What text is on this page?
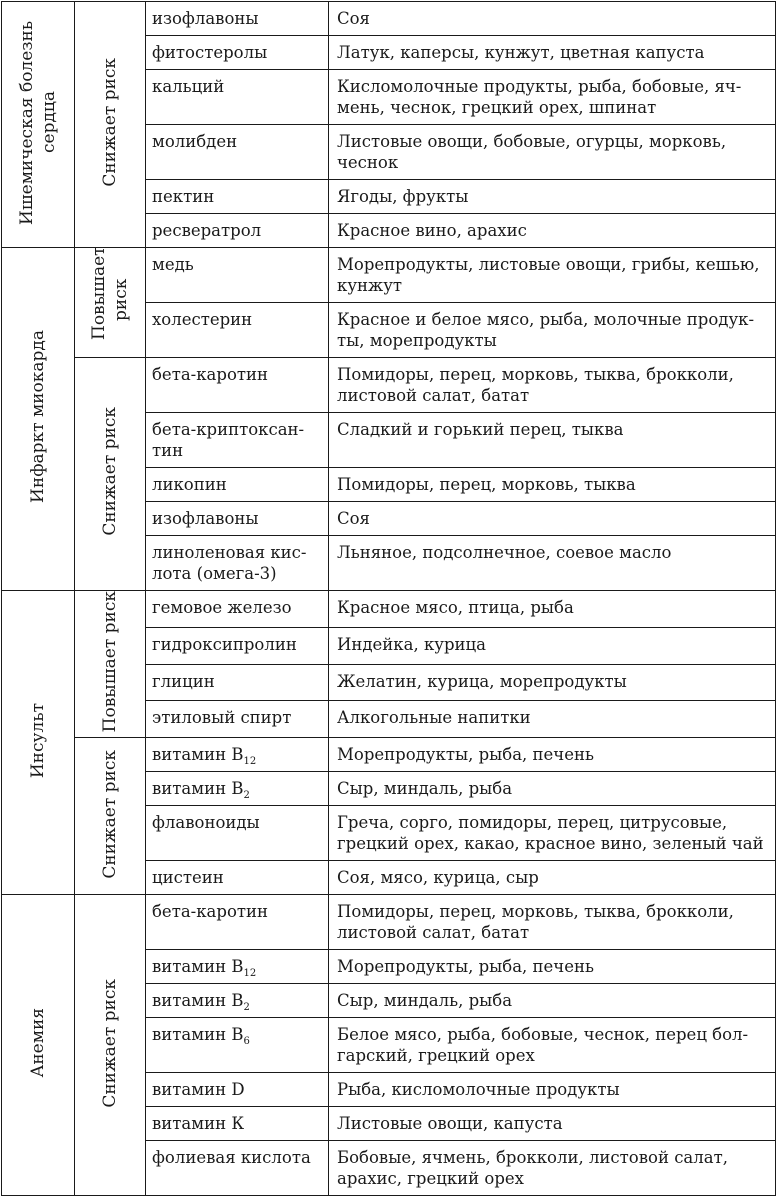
Ишемическая болезнь сердца	Снижает риск	изофлавоны	Соя
		фитостеролы	Латук, каперсы, кунжут, цветная капуста
		кальций	Кисломолочные продукты, рыба, бобовые, яч-мень, чеснок, грецкий орех, шпинат
		молибден	Листовые овощи, бобовые, огурцы, морковь, чеснок
		пектин	Ягоды, фрукты
		ресвератрол	Красное вино, арахис
Инфаркт миокарда	Повышает риск	медь	Морепродукты, листовые овощи, грибы, кешью, кунжут
		холестерин	Красное и белое мясо, рыба, молочные продук-ты, морепродукты
	Снижает риск	бета-каротин	Помидоры, перец, морковь, тыква, брокколи, листовой салат, батат
		бета-криптоксан-тин	Сладкий и горький перец, тыква
		ликопин	Помидоры, перец, морковь, тыква
		изофлавоны	Соя
		линоленовая кис-лота (омега-3)	Льняное, подсолнечное, соевое масло
Инсульт	Повышает риск	гемовое железо	Красное мясо, птица, рыба
		гидроксипролин	Индейка, курица
		глицин	Желатин, курица, морепродукты
		этиловый спирт	Алкогольные напитки
	Снижает риск	витамин $B_{12}$	Морепродукты, рыба, печень
		витамин $B_2$	Сыр, миндаль, рыба
		флавоноиды	Греча, сорго, помидоры, перец, цитрусовые, грецкий орех, какао, красное вино, зеленый чай
		цистеин	Соя, мясо, курица, сыр
Анемия	Снижает риск	бета-каротин	Помидоры, перец, морковь, тыква, брокколи, листовой салат, батат
		витамин $B_{12}$	Морепродукты, рыба, печень
		витамин $B_2$	Сыр, миндаль, рыба
		витамин $B_6$	Белое мясо, рыба, бобовые, чеснок, перец бол-гарский, грецкий орех
		витамин D	Рыба, кисломолочные продукты
		витамин К	Листовые овощи, капуста
		фолиевая кислота	Бобовые, ячмень, брокколи, листовой салат, арахис, грецкий орех
